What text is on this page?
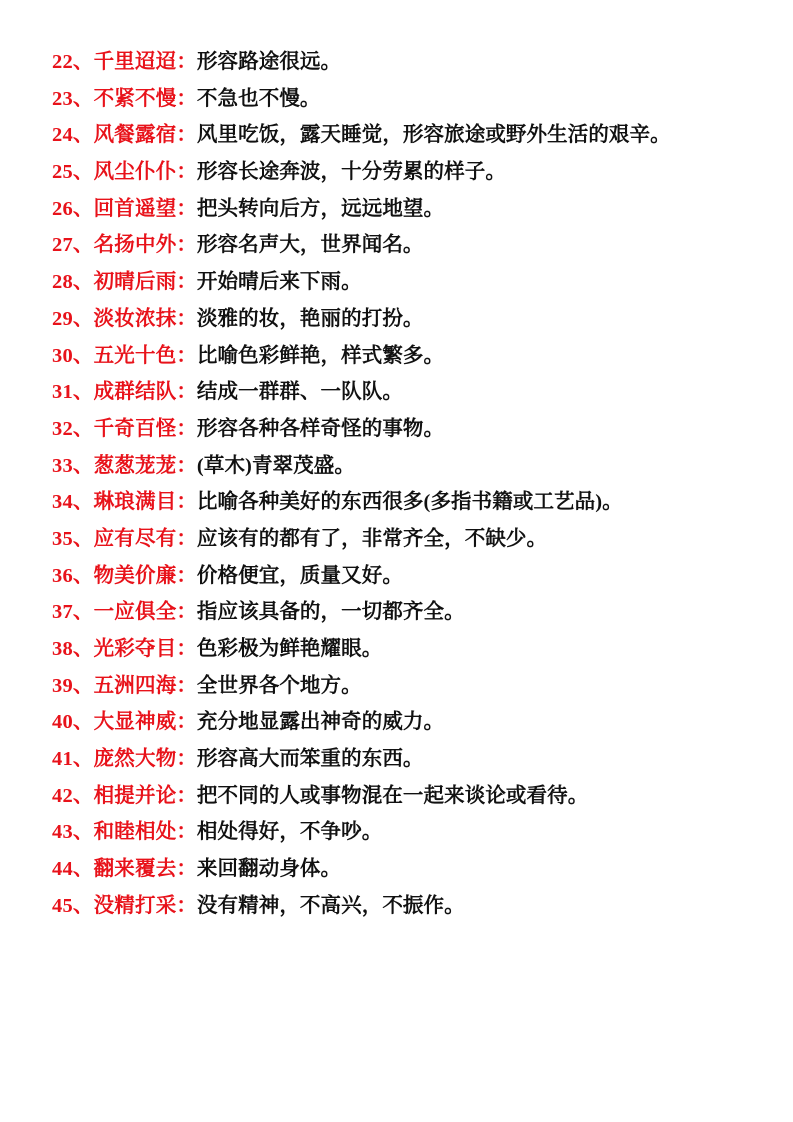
22、 千里迢迢 ： 形容路途很远。
23、 不紧不慢 ： 不急也不慢。
24、 风餐露宿 ： 风里吃饭，露天睡觉，形容旅途或野外生活的艰辛。
25、 风尘仆仆 ： 形容长途奔波，十分劳累的样子。
26、 回首遥望 ： 把头转向后方，远远地望。
27、 名扬中外 ： 形容名声大，世界闻名。
28、 初晴后雨 ： 开始晴后来下雨。
29、 淡妆浓抹 ： 淡雅的妆，艳丽的打扮。
30、 五光十色 ： 比喻色彩鲜艳，样式繁多。
31、 成群结队 ： 结成一群群、一队队。
32、 千奇百怪 ： 形容各种各样奇怪的事物。
33、 葱葱茏茏 ： (草木)青翠茂盛。
34、 琳琅满目 ： 比喻各种美好的东西很多(多指书籍或工艺品)。
35、 应有尽有 ： 应该有的都有了，非常齐全，不缺少。
36、 物美价廉 ： 价格便宜，质量又好。
37、 一应俱全 ： 指应该具备的，一切都齐全。
38、 光彩夺目 ： 色彩极为鲜艳耀眼。
39、 五洲四海 ： 全世界各个地方。
40、 大显神威 ： 充分地显露出神奇的威力。
41、 庞然大物 ： 形容高大而笨重的东西。
42、 相提并论 ： 把不同的人或事物混在一起来谈论或看待。
43、 和睦相处 ： 相处得好，不争吵。
44、 翻来覆去 ： 来回翻动身体。
45、 没精打采 ： 没有精神，不高兴，不振作。
